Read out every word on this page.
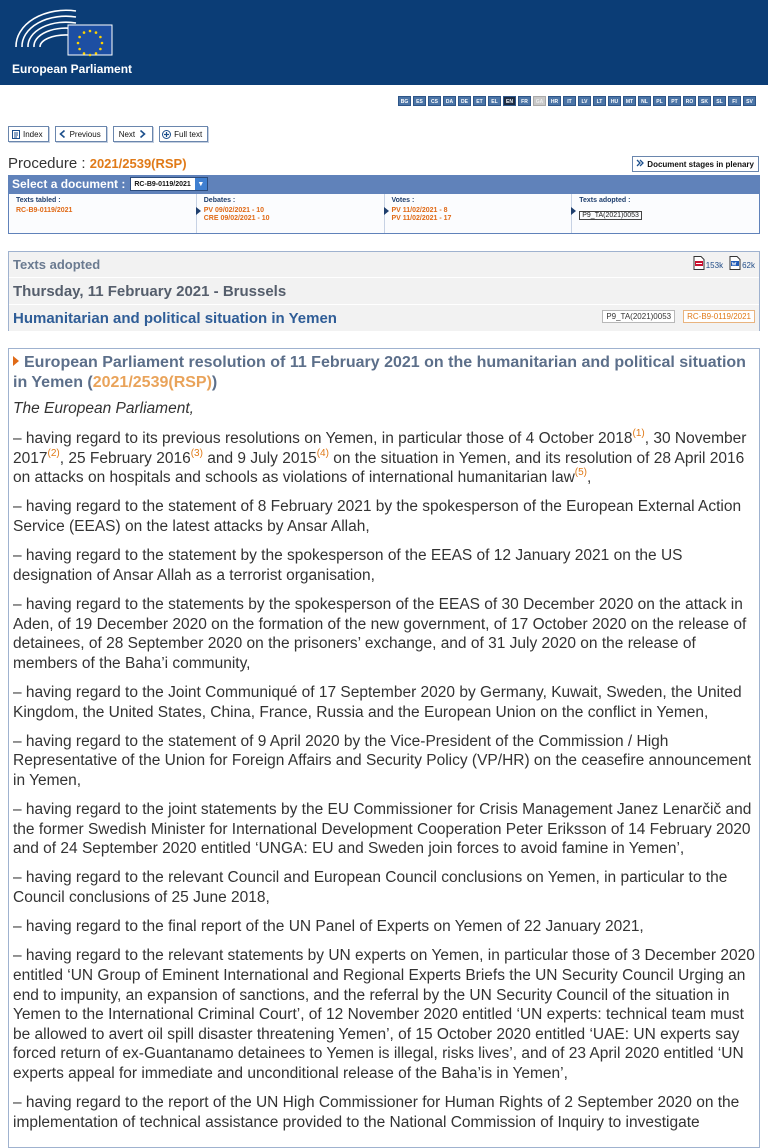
European Parliament
BG	ES	CS	DA	DE	ET	EL	EN	FR	GA	HR	IT	LV	LT	HU	MT	NL	PL	PT	RO	SK	SL	FI	SV
Index	Previous	Next	Full text
Procedure : 2021/2539(RSP)	Document stages in plenary
Select a document : RC-B9-0119/2021 ▼
Texts tabled :
RC-B9-0119/2021
Debates :
PV 09/02/2021 - 10
CRE 09/02/2021 - 10
Votes :
PV 11/02/2021 - 8
PV 11/02/2021 - 17
Texts adopted :
P9_TA(2021)0053
Texts adopted	153k 62k
Thursday, 11 February 2021 - Brussels
Humanitarian and political situation in Yemen	P9_TA(2021)0053	RC-B9-0119/2021
European Parliament resolution of 11 February 2021 on the humanitarian and political situation in Yemen (2021/2539(RSP))
The European Parliament,
– having regard to its previous resolutions on Yemen, in particular those of 4 October 2018$^{(1)}$, 30 November 2017$^{(2)}$, 25 February 2016$^{(3)}$ and 9 July 2015$^{(4)}$ on the situation in Yemen, and its resolution of 28 April 2016 on attacks on hospitals and schools as violations of international humanitarian law$^{(5)}$,
– having regard to the statement of 8 February 2021 by the spokesperson of the European External Action Service (EEAS) on the latest attacks by Ansar Allah,
– having regard to the statement by the spokesperson of the EEAS of 12 January 2021 on the US designation of Ansar Allah as a terrorist organisation,
– having regard to the statements by the spokesperson of the EEAS of 30 December 2020 on the attack in Aden, of 19 December 2020 on the formation of the new government, of 17 October 2020 on the release of detainees, of 28 September 2020 on the prisoners’ exchange, and of 31 July 2020 on the release of members of the Baha’i community,
– having regard to the Joint Communiqué of 17 September 2020 by Germany, Kuwait, Sweden, the United Kingdom, the United States, China, France, Russia and the European Union on the conflict in Yemen,
– having regard to the statement of 9 April 2020 by the Vice-President of the Commission / High Representative of the Union for Foreign Affairs and Security Policy (VP/HR) on the ceasefire announcement in Yemen,
– having regard to the joint statements by the EU Commissioner for Crisis Management Janez Lenarčič and the former Swedish Minister for International Development Cooperation Peter Eriksson of 14 February 2020 and of 24 September 2020 entitled ‘UNGA: EU and Sweden join forces to avoid famine in Yemen’,
– having regard to the relevant Council and European Council conclusions on Yemen, in particular to the Council conclusions of 25 June 2018,
– having regard to the final report of the UN Panel of Experts on Yemen of 22 January 2021,
– having regard to the relevant statements by UN experts on Yemen, in particular those of 3 December 2020 entitled ‘UN Group of Eminent International and Regional Experts Briefs the UN Security Council Urging an end to impunity, an expansion of sanctions, and the referral by the UN Security Council of the situation in Yemen to the International Criminal Court’, of 12 November 2020 entitled ‘UN experts: technical team must be allowed to avert oil spill disaster threatening Yemen’, of 15 October 2020 entitled ‘UAE: UN experts say forced return of ex-Guantanamo detainees to Yemen is illegal, risks lives’, and of 23 April 2020 entitled ‘UN experts appeal for immediate and unconditional release of the Baha’is in Yemen’,
– having regard to the report of the UN High Commissioner for Human Rights of 2 September 2020 on the implementation of technical assistance provided to the National Commission of Inquiry to investigate
